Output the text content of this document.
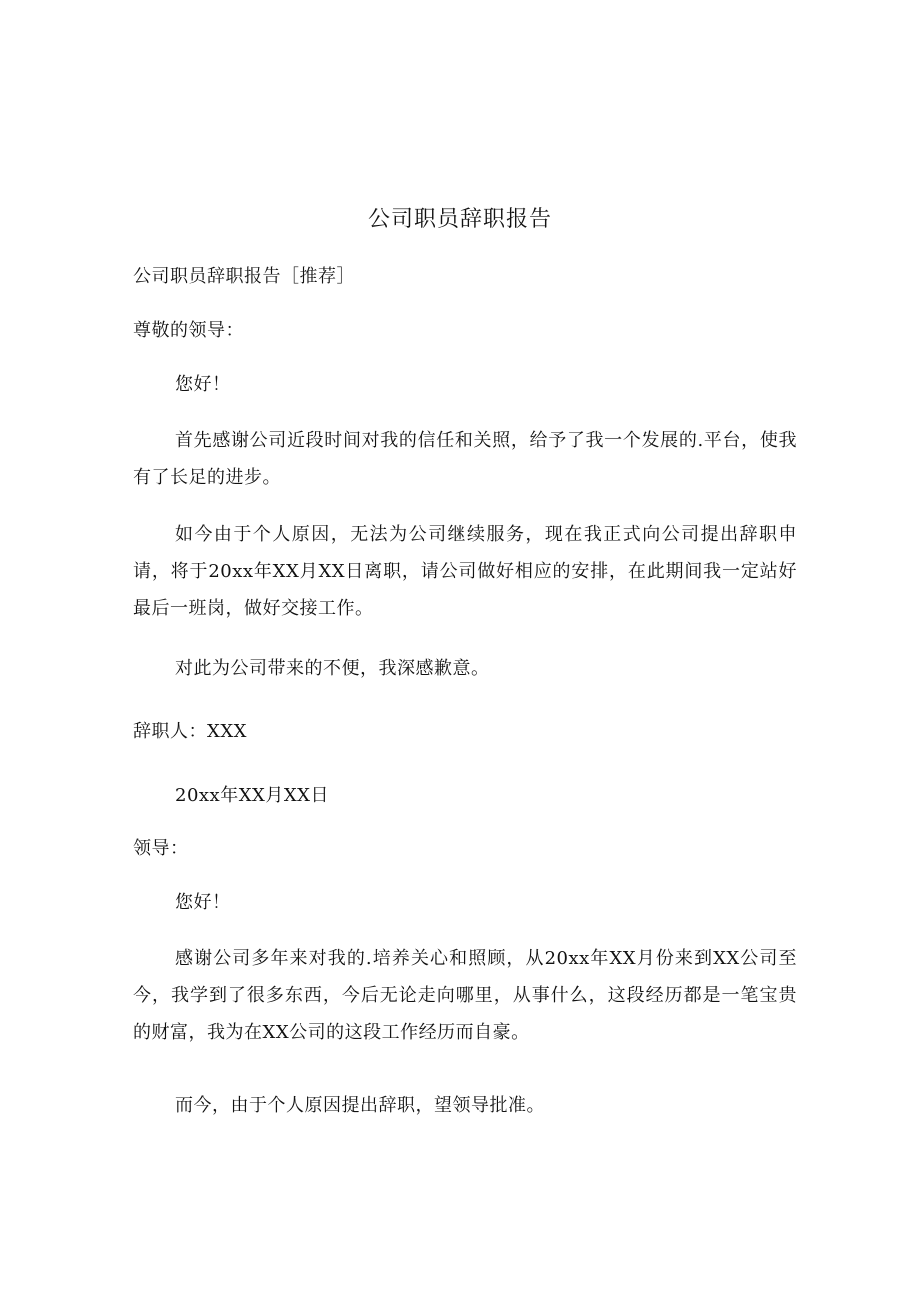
公司职员辞职报告
公司职员辞职报告［推荐］
尊敬的领导：
您好！
首先感谢公司近段时间对我的信任和关照，给予了我一个发展的.平台，使我有了长足的进步。
如今由于个人原因，无法为公司继续服务，现在我正式向公司提出辞职申请，将于20xx年XX月XX日离职，请公司做好相应的安排，在此期间我一定站好最后一班岗，做好交接工作。
对此为公司带来的不便，我深感歉意。
辞职人：XXX
20xx年XX月XX日
领导：
您好！
感谢公司多年来对我的.培养关心和照顾，从20xx年XX月份来到XX公司至今，我学到了很多东西，今后无论走向哪里，从事什么，这段经历都是一笔宝贵的财富，我为在XX公司的这段工作经历而自豪。
而今，由于个人原因提出辞职，望领导批准。
